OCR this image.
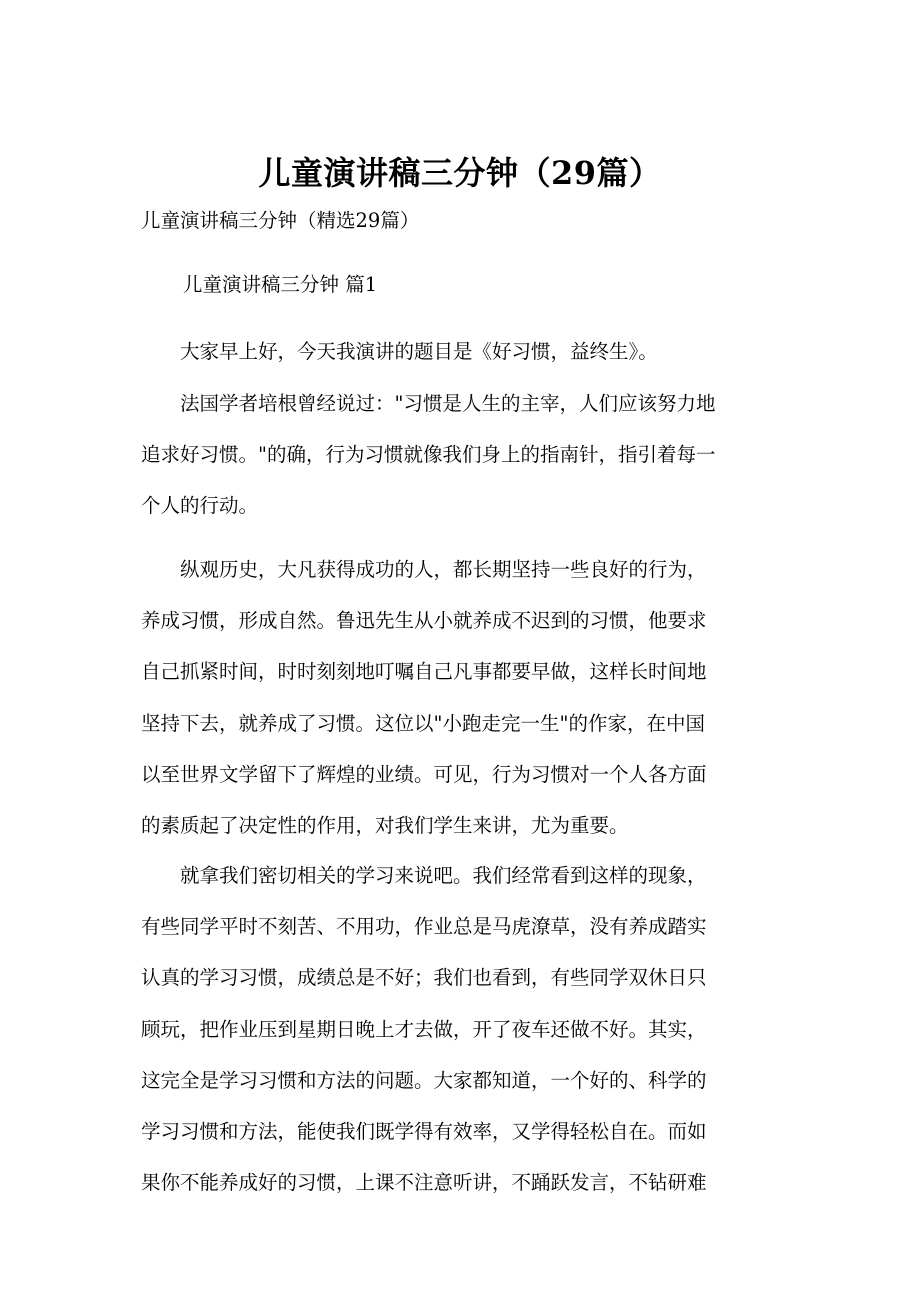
儿童演讲稿三分钟（29篇）

儿童演讲稿三分钟（精选29篇）

儿童演讲稿三分钟 篇1

　　大家早上好，今天我演讲的题目是《好习惯，益终生》。

　　法国学者培根曾经说过："习惯是人生的主宰，人们应该努力地
追求好习惯。"的确，行为习惯就像我们身上的指南针，指引着每一
个人的行动。

　　纵观历史，大凡获得成功的人，都长期坚持一些良好的行为，
养成习惯，形成自然。鲁迅先生从小就养成不迟到的习惯，他要求
自己抓紧时间，时时刻刻地叮嘱自己凡事都要早做，这样长时间地
坚持下去，就养成了习惯。这位以"小跑走完一生"的作家，在中国
以至世界文学留下了辉煌的业绩。可见，行为习惯对一个人各方面
的素质起了决定性的作用，对我们学生来讲，尤为重要。

　　就拿我们密切相关的学习来说吧。我们经常看到这样的现象，
有些同学平时不刻苦、不用功，作业总是马虎潦草，没有养成踏实
认真的学习习惯，成绩总是不好；我们也看到，有些同学双休日只
顾玩，把作业压到星期日晚上才去做，开了夜车还做不好。其实，
这完全是学习习惯和方法的问题。大家都知道，一个好的、科学的
学习习惯和方法，能使我们既学得有效率，又学得轻松自在。而如
果你不能养成好的习惯，上课不注意听讲，不踊跃发言，不钻研难
